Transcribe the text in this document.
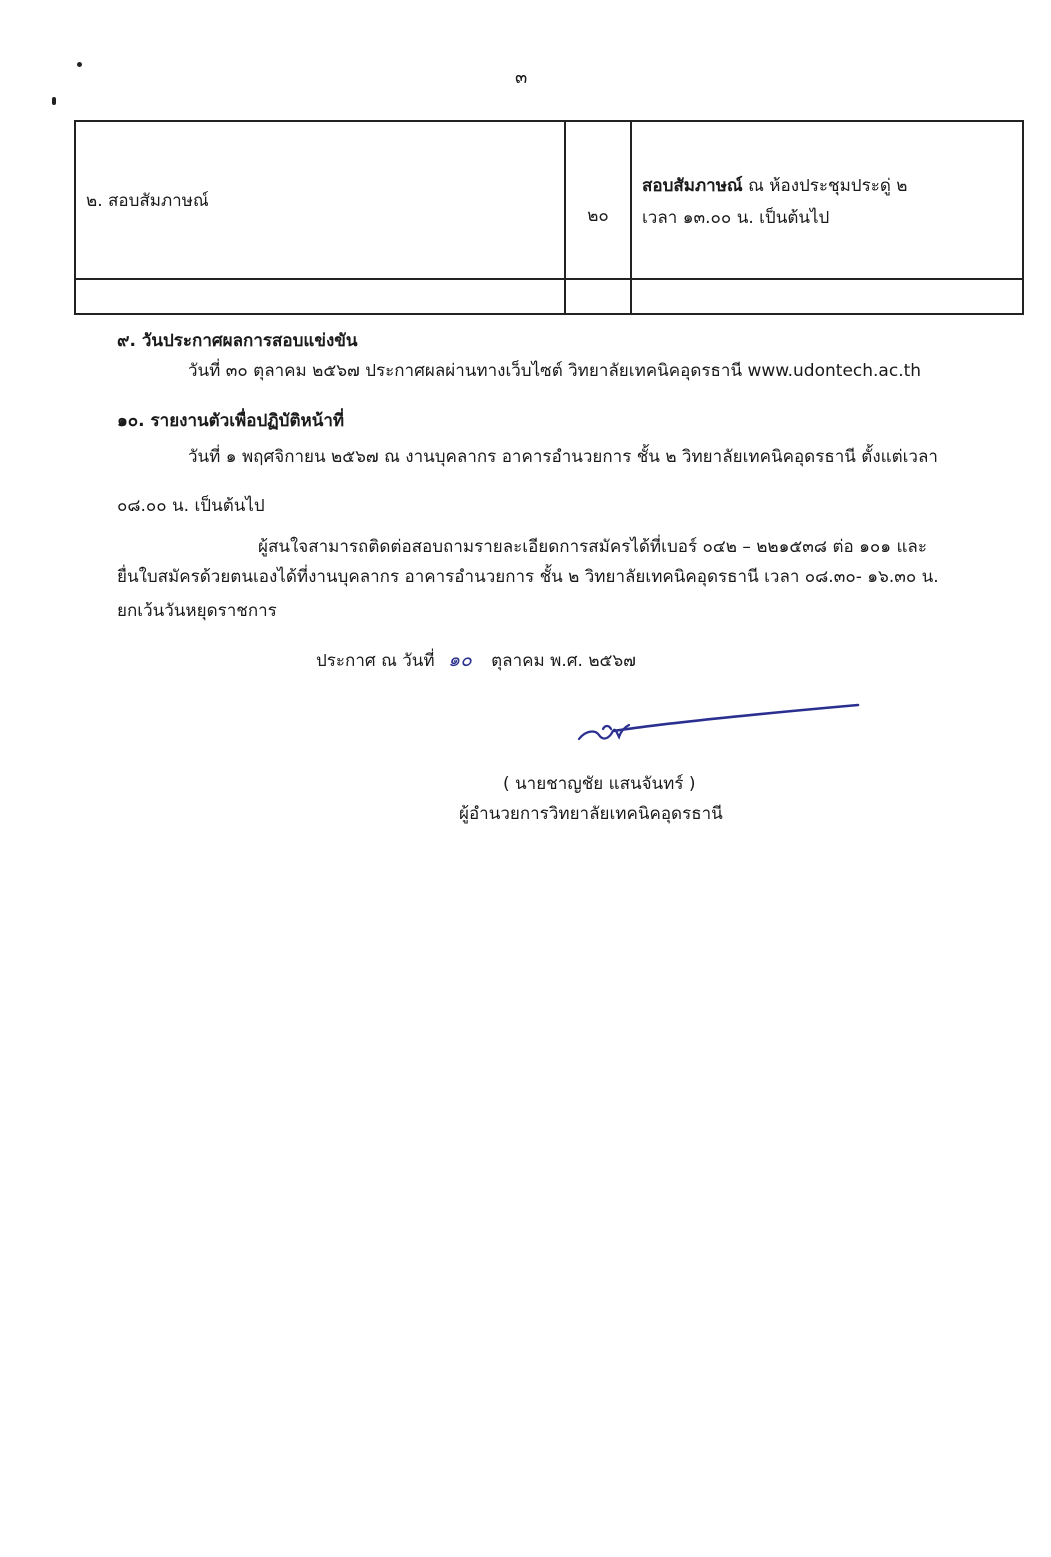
๓
๒. สอบสัมภาษณ์	๒๐	สอบสัมภาษณ์ ณ ห้องประชุมประดู่ ๒
เวลา ๑๓.๐๐ น. เป็นต้นไป

๙. วันประกาศผลการสอบแข่งขัน
วันที่ ๓๐ ตุลาคม ๒๕๖๗ ประกาศผลผ่านทางเว็บไซต์ วิทยาลัยเทคนิคอุดรธานี www.udontech.ac.th
๑๐. รายงานตัวเพื่อปฏิบัติหน้าที่
วันที่ ๑ พฤศจิกายน ๒๕๖๗ ณ งานบุคลากร อาคารอำนวยการ ชั้น ๒ วิทยาลัยเทคนิคอุดรธานี ตั้งแต่เวลา
๐๘.๐๐ น. เป็นต้นไป
ผู้สนใจสามารถติดต่อสอบถามรายละเอียดการสมัครได้ที่เบอร์ ๐๔๒ – ๒๒๑๕๓๘ ต่อ ๑๐๑ และ
ยื่นใบสมัครด้วยตนเองได้ที่งานบุคลากร อาคารอำนวยการ ชั้น ๒ วิทยาลัยเทคนิคอุดรธานี เวลา ๐๘.๓๐- ๑๖.๓๐ น.
ยกเว้นวันหยุดราชการ
ประกาศ ณ วันที่ ๑๐ ตุลาคม พ.ศ. ๒๕๖๗
( นายชาญชัย แสนจันทร์ )
ผู้อำนวยการวิทยาลัยเทคนิคอุดรธานี
